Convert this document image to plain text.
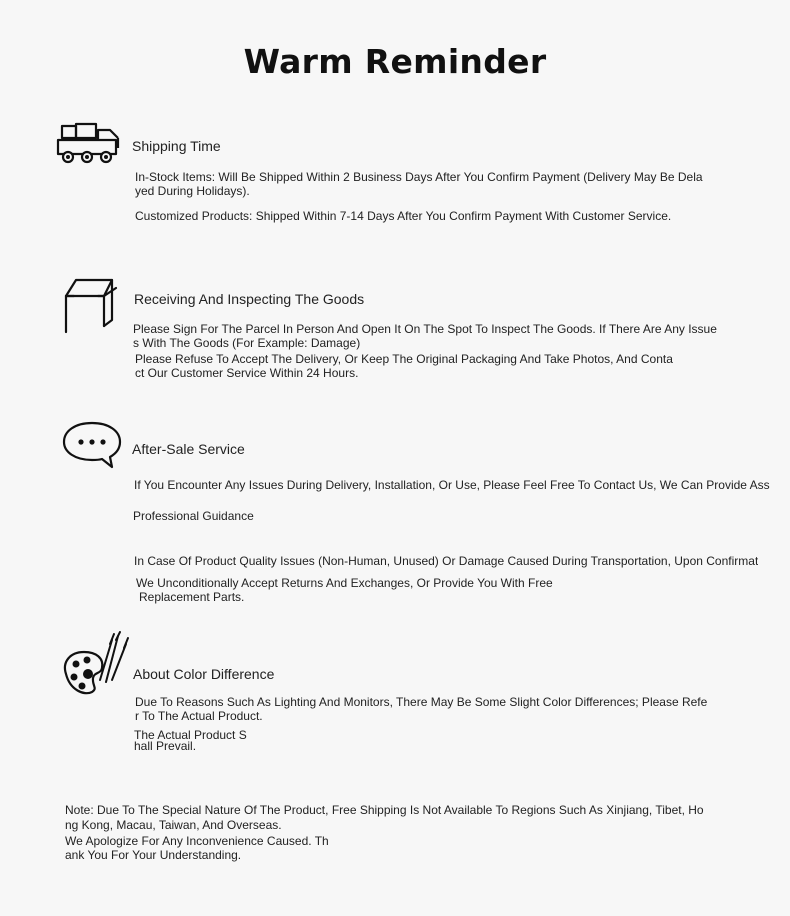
Warm Reminder
Shipping Time
In-Stock Items: Will Be Shipped Within 2 Business Days After You Confirm Payment (Delivery May Be Dela
yed During Holidays).
Customized Products: Shipped Within 7-14 Days After You Confirm Payment With Customer Service.
Receiving And Inspecting The Goods
Please Sign For The Parcel In Person And Open It On The Spot To Inspect The Goods. If There Are Any Issue
s With The Goods (For Example: Damage)
Please Refuse To Accept The Delivery, Or Keep The Original Packaging And Take Photos, And Conta
ct Our Customer Service Within 24 Hours.
After-Sale Service
If You Encounter Any Issues During Delivery, Installation, Or Use, Please Feel Free To Contact Us, We Can Provide Ass
Professional Guidance
In Case Of Product Quality Issues (Non-Human, Unused) Or Damage Caused During Transportation, Upon Confirmat
We Unconditionally Accept Returns And Exchanges, Or Provide You With Free
Replacement Parts.
About Color Difference
Due To Reasons Such As Lighting And Monitors, There May Be Some Slight Color Differences; Please Refe
r To The Actual Product.
The Actual Product S
hall Prevail.
Note: Due To The Special Nature Of The Product, Free Shipping Is Not Available To Regions Such As Xinjiang, Tibet, Ho
ng Kong, Macau, Taiwan, And Overseas.
We Apologize For Any Inconvenience Caused. Th
ank You For Your Understanding.
